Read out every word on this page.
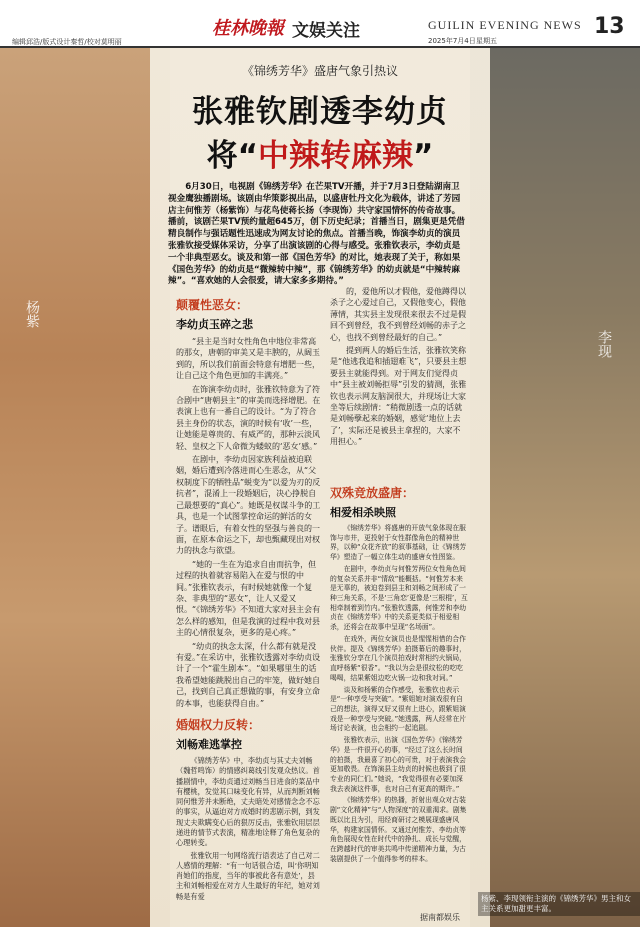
编辑邱浩/版式设计秦哲/校对莫明丽
桂林晚報 文娱关注	GUILIN EVENING NEWS
2025年7月4日 星期五
13
杨紫
李现
《锦绣芳华》盛唐气象引热议
张雅钦剧透李幼贞
将“中辣转麻辣”

6月30日，电视剧《锦绣芳华》在芒果TV开播，并于7月3日登陆湖南卫视金鹰独播剧场。该剧由华策影视出品，以盛唐牡丹文化为载体，讲述了芳园店主何惟芳（杨紫饰）与花鸟使蒋长扬（李现饰）共守家国情怀的传奇故事。播前，该剧芒果TV预约量超645万，创下历史纪录；首播当日，剧集更是凭借精良制作与强话题性迅速成为网友讨论的焦点。首播当晚，饰演李幼贞的演员张雅钦接受媒体采访，分享了出演该剧的心得与感受。张雅钦表示，李幼贞是一个非典型恶女。谈及和第一部《国色芳华》的对比，她表现了关于，称如果《国色芳华》的幼贞是“微辣转中辣”，那《锦绣芳华》的幼贞就是“中辣转麻辣”。“喜欢她的人会很爱，请大家多多期待。”

颠覆性恶女：
李幼贞玉碎之悲

“县主是当时女性角色中地位非常高的那女，唐朝的审美又是丰腴的，从阔玉到的，所以我们前面会特意有增肥一些，让自己这个角色更加的丰满亮。”

在饰演李幼贞时，张雅钦特意为了符合剧中“唐朝县主”的审美而选择增肥。在表演上也有一番自己的设计。“为了符合县主身份的状态，演的时候有‘收’一些，让她能是尊贵的、有威严的，那种云淡风轻、皇权之下人命微为蝼蚁的‘恶女’感。”

在剧中，李幼贞因家族利益被迫联姻，婚后遭到冷落进而心生恶念，从“父权制度下的牺牲品”蜕变为“以爱为刃的反抗者”，混淆上一段婚姻后，决心挣脱自己最想要的“真心”。她既是权谋斗争的工具，也是一个试图掌控命运的鲜活的女子。谱眼后，有着女性的坚强与善良的一面，在原本命运之下，却也甄藏现出对权力的执念与欲望。

“她的一生在为追求自由而抗争，但过程的执着就容易陷入在爱与恨的中间。”张雅钦表示，有时候她就像一个复杂、非典型的“恶女”，让人又爱又恨。“《锦绣芳华》不知道大家对县主会有怎么样的感知，但是我演的过程中我对县主的心情很复杂，更多的是心疼。”

“幼贞的执念太深，什么都有就是没有爱。”在采访中，张雅钦透露对李幼贞设计了一个“霍生剧本”。“如果哪里生的话我希望她能跳脱出自己的牢笼，做好她自己，找到自己真正想做的事，有安身立命的本事，也能获得自由。”

婚姻权力反转：
刘畅难逃掌控

《锦绣芳华》中，李幼贞与其丈夫刘畅（魏哲鸣饰）的情感纠葛线引发观众热议。首播剧情中，李幼贞通过刘畅当日进食的菜品中有樱桃，发觉其口味变化有异，从而判断刘畅同何惟芳并未断绝，丈夫暗处对感情念念不忘的事实，从逼迫对方成婚时的悲剧示例，到发现丈夫欺瞒变心后的狠厉反击，张雅钦用层层递进的情节式表演，精准地诠释了角色复杂的心理转变。

张雅钦用一句网络流行语表达了自己对二人感情的理解：“有一句话很合适，叫‘你明知肖她们的指度，当年的事被此各有意处’，县主和刘畅相爱在对方人生最好的年纪，她对刘畅是有爱

的，爱他所以才假他，爱他蹲得以杀子之心爱过自己，又假他变心，假他薄情，其实县主发现很来很去不过是假回不到曾经，我不到曾经刘畅的赤子之心，也找不到曾经最好的自己。”

提到两人的婚后生活，张雅钦笑称是“他逃我追和插翅难飞”，只要县主想要县主就能得到。对于网友们觉得贞中“县主被刘畅拒辱”引发的猜测，张雅钦也表示网友脑洞很大，并现场让大家坐等后续剧情：“稍微剧透一点的话就是刘畅孽起来的婚姻，感觉‘地位上去了’，实际还是被县主拿捏的，大家不用担心。”

双殊竞放盛唐：
相爱相杀映照

《锦绣芳华》将盛唐的开放气象体现在服饰与市井，更投射于女性群像角色的精神世界，以种“众花齐放”的叙事基础，让《锦绣芳华》塑造了一幅立体生动的盛唐女性图鉴。

在剧中，李幼贞与何惟芳两位女性角色间的复杂关系并非“情敌”能概括。“何惟芳本来是无辜的，被迫卷到县主和刘畅之间形成了一种三角关系，不是‘三角恋’更像是‘三根棍’，互相牵制着到竹内。”张雅钦透露，何惟芳和李幼贞在《锦绣芳华》中的关系更类似于相爱相杀，还将会在故事中呈现“名场面”。

在戏外，两位女演员也是惺惺相惜的合作伙伴。提及《锦绣芳华》拍摄幕后的趣事时，张雅钦分享在几个演员拍戏时常相约火锅局，直呼杨紫“很香”。“我以为会是很纹松的吃吃喝喝，结果紫姐边吃火锅一边和我对词。”

谈及和杨紫的合作感受，张雅钦也表示是“一种享受与突破”。“紫姐她对演戏很有自己的想法，演得又好又很有上进心，跟紫姐演戏是一种享受与突破。”她透露，两人经常在片场讨论表演，也会相约一起追剧。

张雅钦表示，出演《国色芳华》《锦绣芳华》是一件很开心的事，“经过了这么长时间的拍摄，我最喜了初心的可贵，对于表演我会更加敬畏。在饰演县主幼贞的时候也极到了很专业的同仁们。”她说，“我觉得很有必要加深我去表演这件事，也对自己有更高的期许。”

《锦绣芳华》的热播，折射出观众对古装剧“文化精神”与“人物深度”的双重渴求。剧集既以比且为引，用经商研讨之模展现盛唐风华，构建家国情怀。又通过何惟芳、李幼贞等角色展现女性在时代中的挣扎、成长与觉醒，在跨越时代的审美共鸣中传递精神力量，为古装剧提供了一个值得参考的样本。

杨紫、李现领衔主演的《锦绣芳华》男主和女主关系更加甜更丰富。
据南都娱乐
